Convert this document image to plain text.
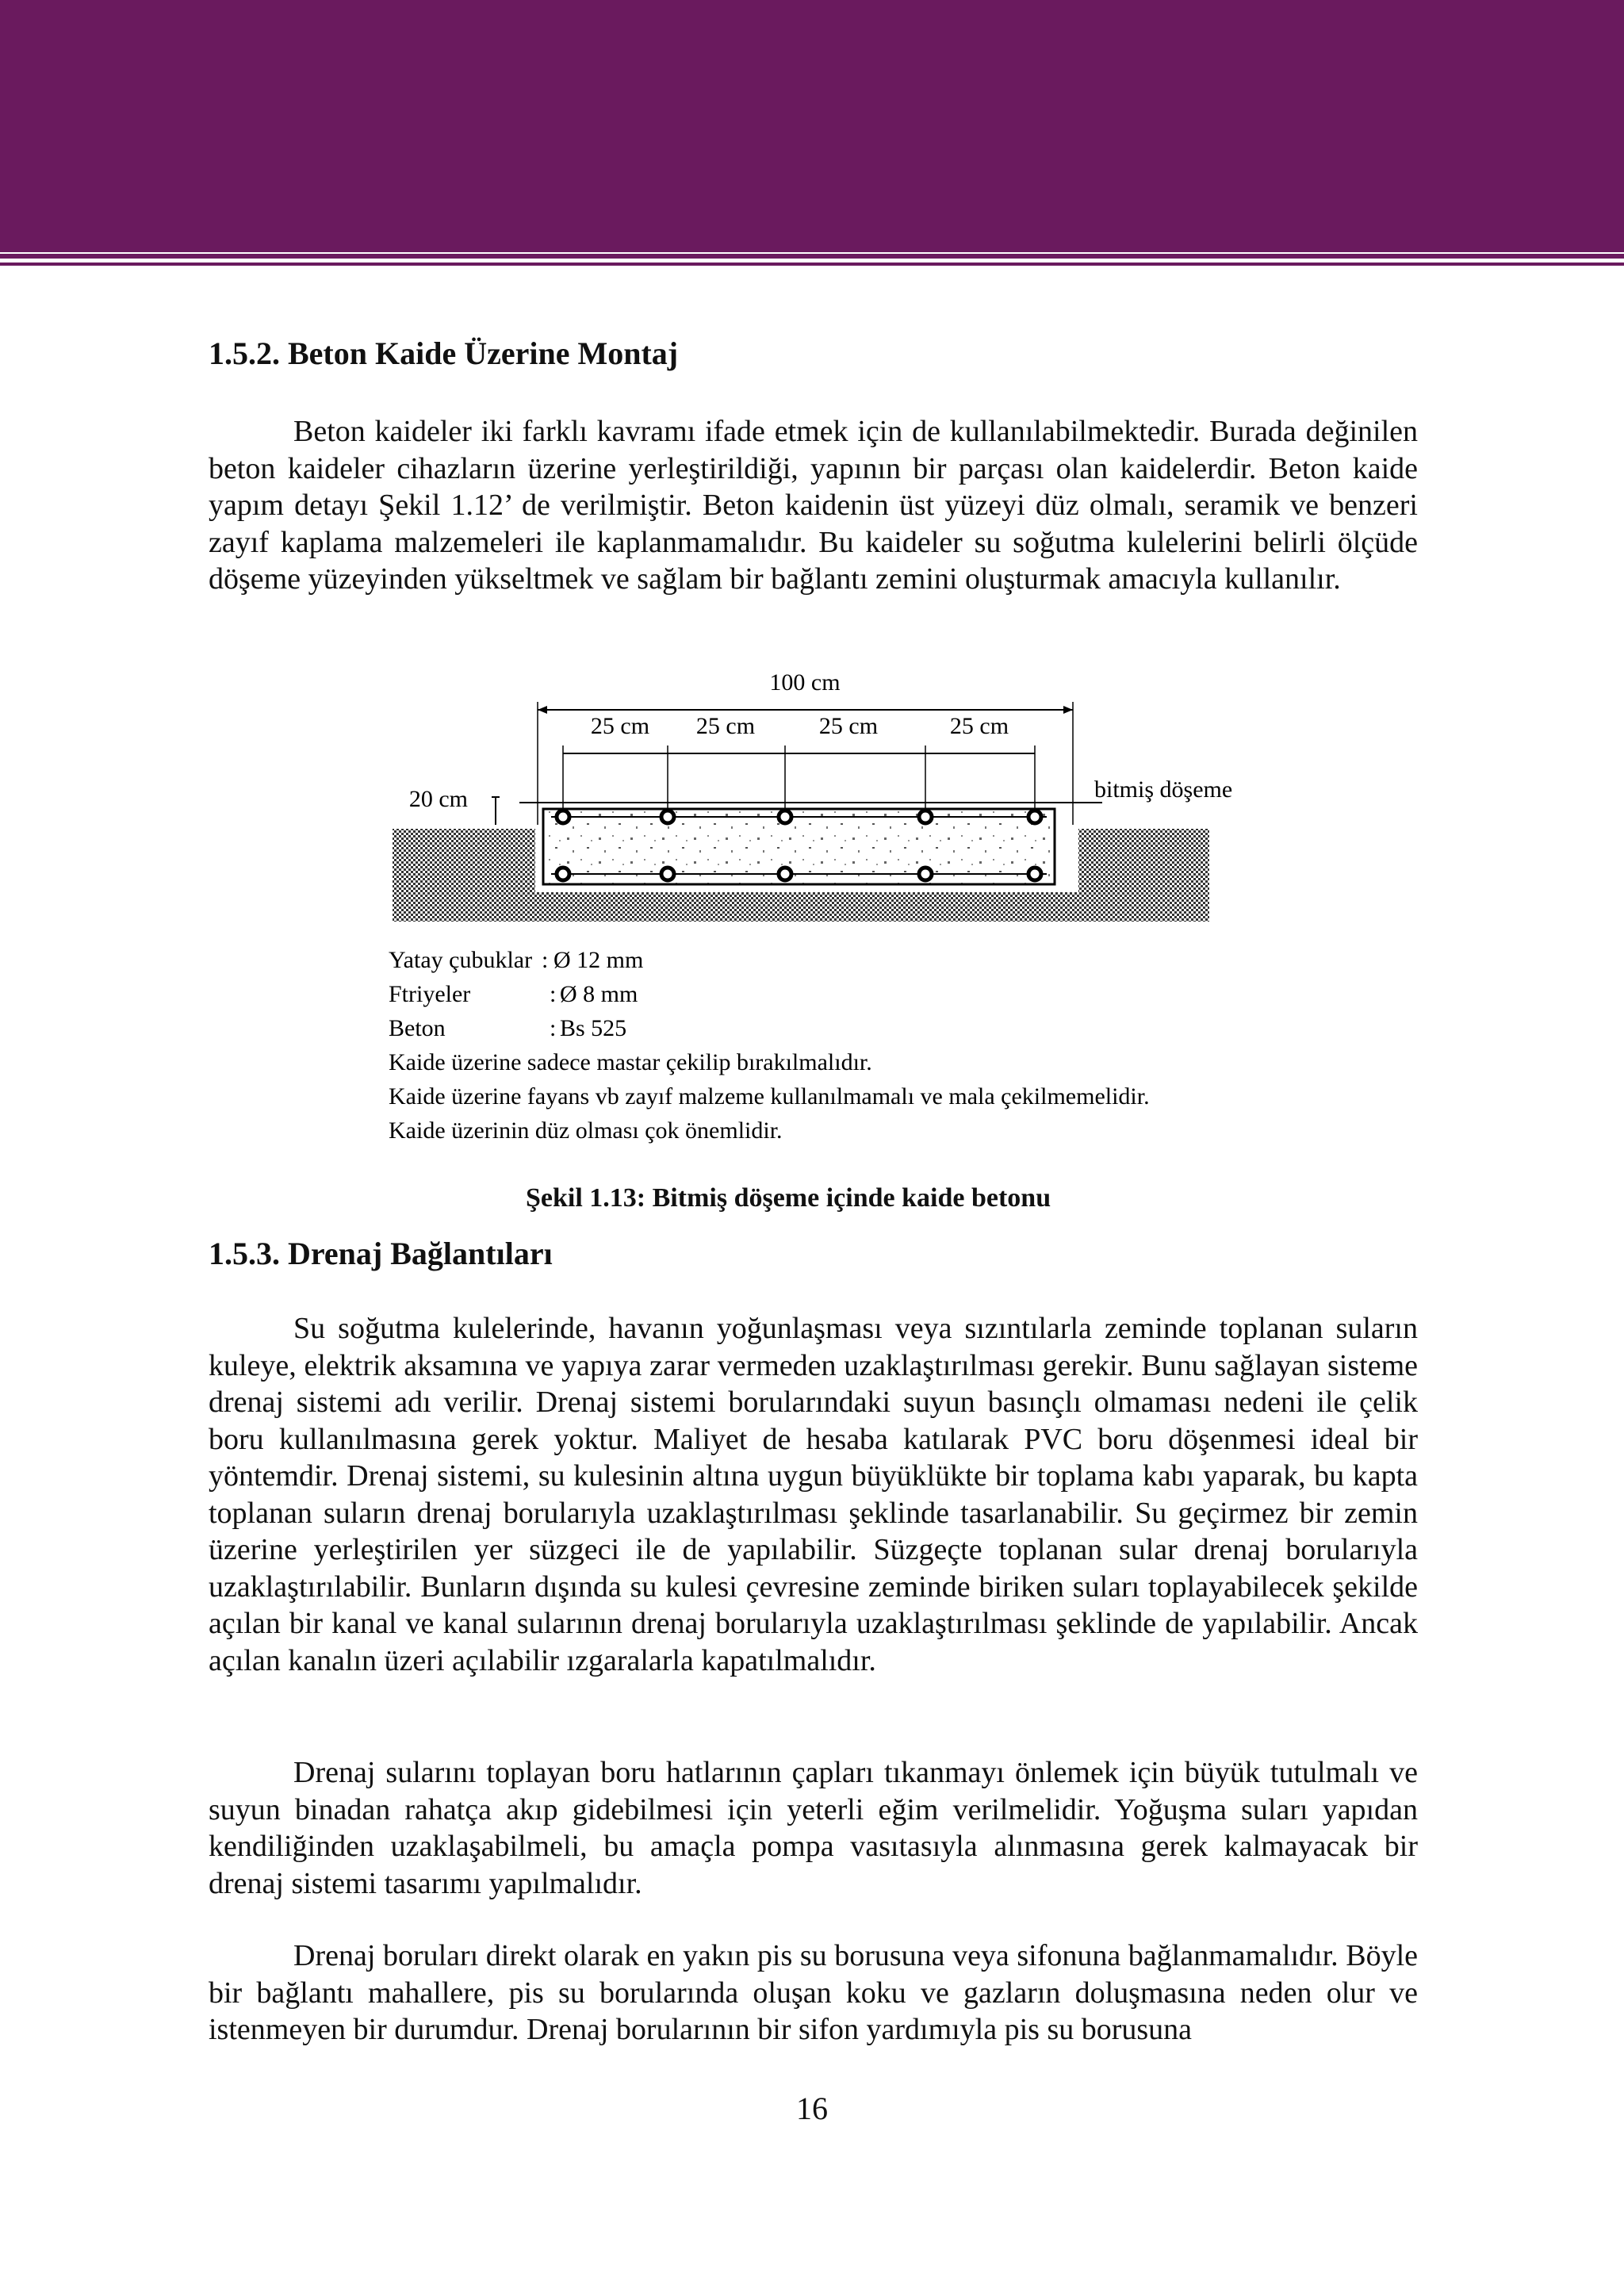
1.5.2. Beton Kaide Üzerine Montaj

Beton kaideler iki farklı kavramı ifade etmek için de kullanılabilmektedir. Burada değinilen beton kaideler cihazların üzerine yerleştirildiği, yapının bir parçası olan kaidelerdir. Beton kaide yapım detayı Şekil 1.12’ de verilmiştir. Beton kaidenin üst yüzeyi düz olmalı, seramik ve benzeri zayıf kaplama malzemeleri ile kaplanmamalıdır. Bu kaideler su soğutma kulelerini belirli ölçüde döşeme yüzeyinden yükseltmek ve sağlam bir bağlantı zemini oluşturmak amacıyla kullanılır.

100 cm
25 cm 25 cm	25 cm	25 cm
20 cm	bitmiş döşeme
Yatay çubuklar : Ø 12 mm
Ftriyeler	: Ø 8 mm
Beton	: Bs 525
Kaide üzerine sadece mastar çekilip bırakılmalıdır.
Kaide üzerine fayans vb zayıf malzeme kullanılmamalı ve mala çekilmemelidir.
Kaide üzerinin düz olması çok önemlidir.

Şekil 1.13: Bitmiş döşeme içinde kaide betonu

1.5.3. Drenaj Bağlantıları

Su soğutma kulelerinde, havanın yoğunlaşması veya sızıntılarla zeminde toplanan suların kuleye, elektrik aksamına ve yapıya zarar vermeden uzaklaştırılması gerekir. Bunu sağlayan sisteme drenaj sistemi adı verilir. Drenaj sistemi borularındaki suyun basınçlı olmaması nedeni ile çelik boru kullanılmasına gerek yoktur. Maliyet de hesaba katılarak PVC boru döşenmesi ideal bir yöntemdir. Drenaj sistemi, su kulesinin altına uygun büyüklükte bir toplama kabı yaparak, bu kapta toplanan suların drenaj borularıyla uzaklaştırılması şeklinde tasarlanabilir. Su geçirmez bir zemin üzerine yerleştirilen yer süzgeci ile de yapılabilir. Süzgeçte toplanan sular drenaj borularıyla uzaklaştırılabilir. Bunların dışında su kulesi çevresine zeminde biriken suları toplayabilecek şekilde açılan bir kanal ve kanal sularının drenaj borularıyla uzaklaştırılması şeklinde de yapılabilir. Ancak açılan kanalın üzeri açılabilir ızgaralarla kapatılmalıdır.

Drenaj sularını toplayan boru hatlarının çapları tıkanmayı önlemek için büyük tutulmalı ve suyun binadan rahatça akıp gidebilmesi için yeterli eğim verilmelidir. Yoğuşma suları yapıdan kendiliğinden uzaklaşabilmeli, bu amaçla pompa vasıtasıyla alınmasına gerek kalmayacak bir drenaj sistemi tasarımı yapılmalıdır.

Drenaj boruları direkt olarak en yakın pis su borusuna veya sifonuna bağlanmamalıdır. Böyle bir bağlantı mahallere, pis su borularında oluşan koku ve gazların doluşmasına neden olur ve istenmeyen bir durumdur. Drenaj borularının bir sifon yardımıyla pis su borusuna

16
